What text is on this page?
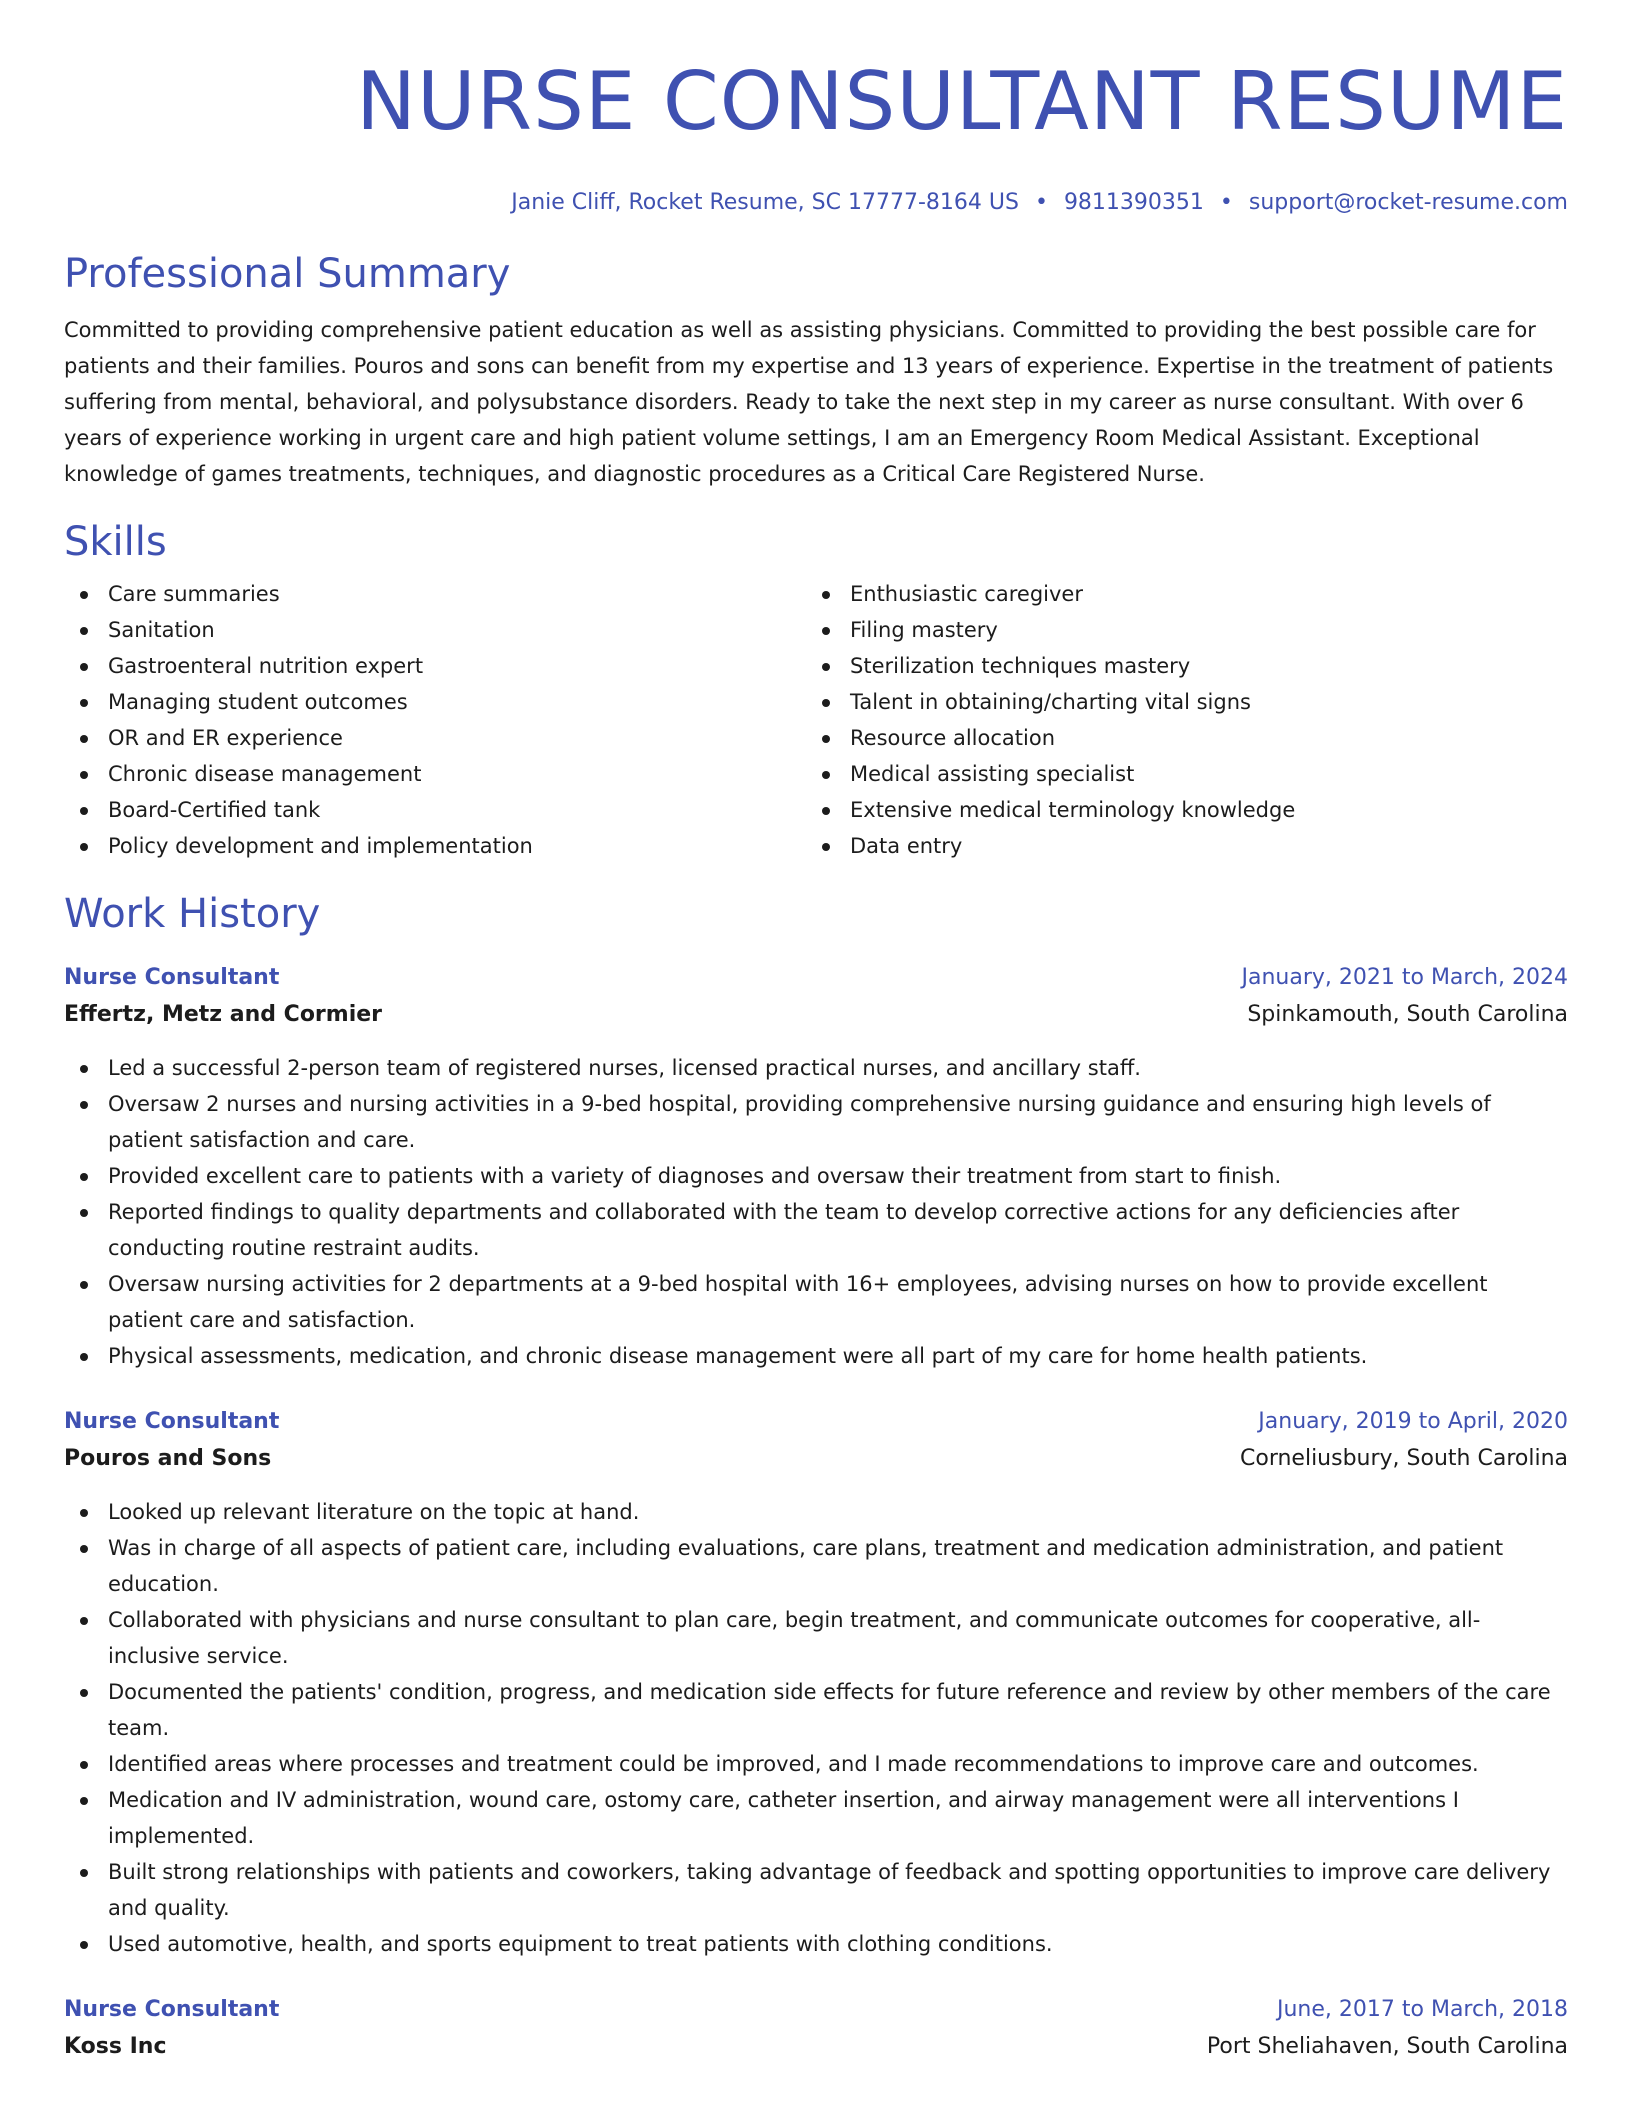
NURSE CONSULTANT RESUME
Janie Cliff, Rocket Resume, SC 17777-8164 US • 9811390351 • support@rocket-resume.com
Professional Summary

Committed to providing comprehensive patient education as well as assisting physicians. Committed to providing the best possible care for patients and their families. Pouros and sons can benefit from my expertise and 13 years of experience. Expertise in the treatment of patients suffering from mental, behavioral, and polysubstance disorders. Ready to take the next step in my career as nurse consultant. With over 6 years of experience working in urgent care and high patient volume settings, I am an Emergency Room Medical Assistant. Exceptional knowledge of games treatments, techniques, and diagnostic procedures as a Critical Care Registered Nurse.

Skills
Care summaries
Sanitation
Gastroenteral nutrition expert
Managing student outcomes
OR and ER experience
Chronic disease management
Board-Certified tank
Policy development and implementation
Enthusiastic caregiver
Filing mastery
Sterilization techniques mastery
Talent in obtaining/charting vital signs
Resource allocation
Medical assisting specialist
Extensive medical terminology knowledge
Data entry
Work History
Nurse Consultant	January, 2021 to March, 2024
Effertz, Metz and Cormier	Spinkamouth, South Carolina
Led a successful 2-person team of registered nurses, licensed practical nurses, and ancillary staff.
Oversaw 2 nurses and nursing activities in a 9-bed hospital, providing comprehensive nursing guidance and ensuring high levels of patient satisfaction and care.
Provided excellent care to patients with a variety of diagnoses and oversaw their treatment from start to finish.
Reported findings to quality departments and collaborated with the team to develop corrective actions for any deficiencies after conducting routine restraint audits.
Oversaw nursing activities for 2 departments at a 9-bed hospital with 16+ employees, advising nurses on how to provide excellent patient care and satisfaction.
Physical assessments, medication, and chronic disease management were all part of my care for home health patients.
Nurse Consultant	January, 2019 to April, 2020
Pouros and Sons	Corneliusbury, South Carolina
Looked up relevant literature on the topic at hand.
Was in charge of all aspects of patient care, including evaluations, care plans, treatment and medication administration, and patient education.
Collaborated with physicians and nurse consultant to plan care, begin treatment, and communicate outcomes for cooperative, all-inclusive service.
Documented the patients' condition, progress, and medication side effects for future reference and review by other members of the care team.
Identified areas where processes and treatment could be improved, and I made recommendations to improve care and outcomes.
Medication and IV administration, wound care, ostomy care, catheter insertion, and airway management were all interventions I implemented.
Built strong relationships with patients and coworkers, taking advantage of feedback and spotting opportunities to improve care delivery and quality.
Used automotive, health, and sports equipment to treat patients with clothing conditions.
Nurse Consultant	June, 2017 to March, 2018
Koss Inc	Port Sheliahaven, South Carolina
